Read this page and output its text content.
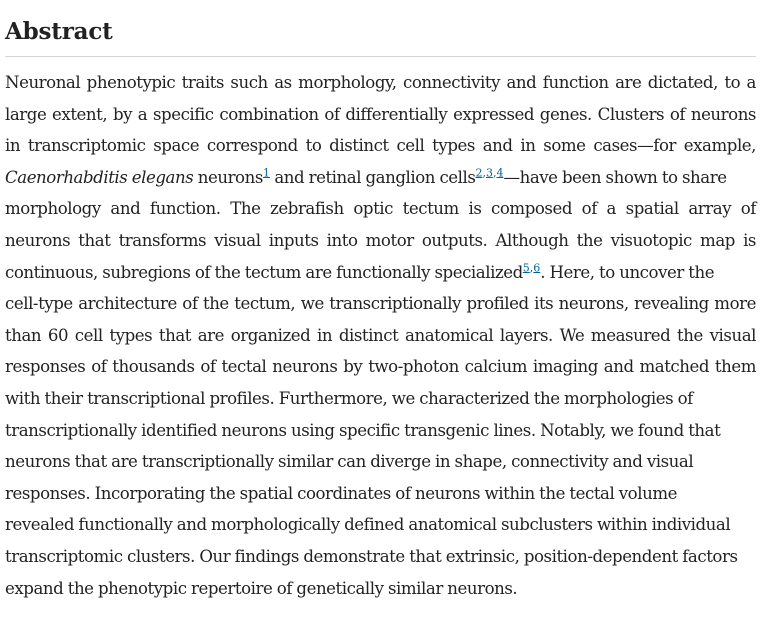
Abstract
Neuronal phenotypic traits such as morphology, connectivity and function are dictated, to a
large extent, by a specific combination of differentially expressed genes. Clusters of neurons
in transcriptomic space correspond to distinct cell types and in some cases—for example,
Caenorhabditis elegans neurons$^1$ and retinal ganglion cells$^{2,3,4}$—have been shown to share
morphology and function. The zebrafish optic tectum is composed of a spatial array of
neurons that transforms visual inputs into motor outputs. Although the visuotopic map is
continuous, subregions of the tectum are functionally specialized$^{5,6}$. Here, to uncover the
cell-type architecture of the tectum, we transcriptionally profiled its neurons, revealing more
than 60 cell types that are organized in distinct anatomical layers. We measured the visual
responses of thousands of tectal neurons by two-photon calcium imaging and matched them
with their transcriptional profiles. Furthermore, we characterized the morphologies of
transcriptionally identified neurons using specific transgenic lines. Notably, we found that
neurons that are transcriptionally similar can diverge in shape, connectivity and visual
responses. Incorporating the spatial coordinates of neurons within the tectal volume
revealed functionally and morphologically defined anatomical subclusters within individual
transcriptomic clusters. Our findings demonstrate that extrinsic, position-dependent factors
expand the phenotypic repertoire of genetically similar neurons.
